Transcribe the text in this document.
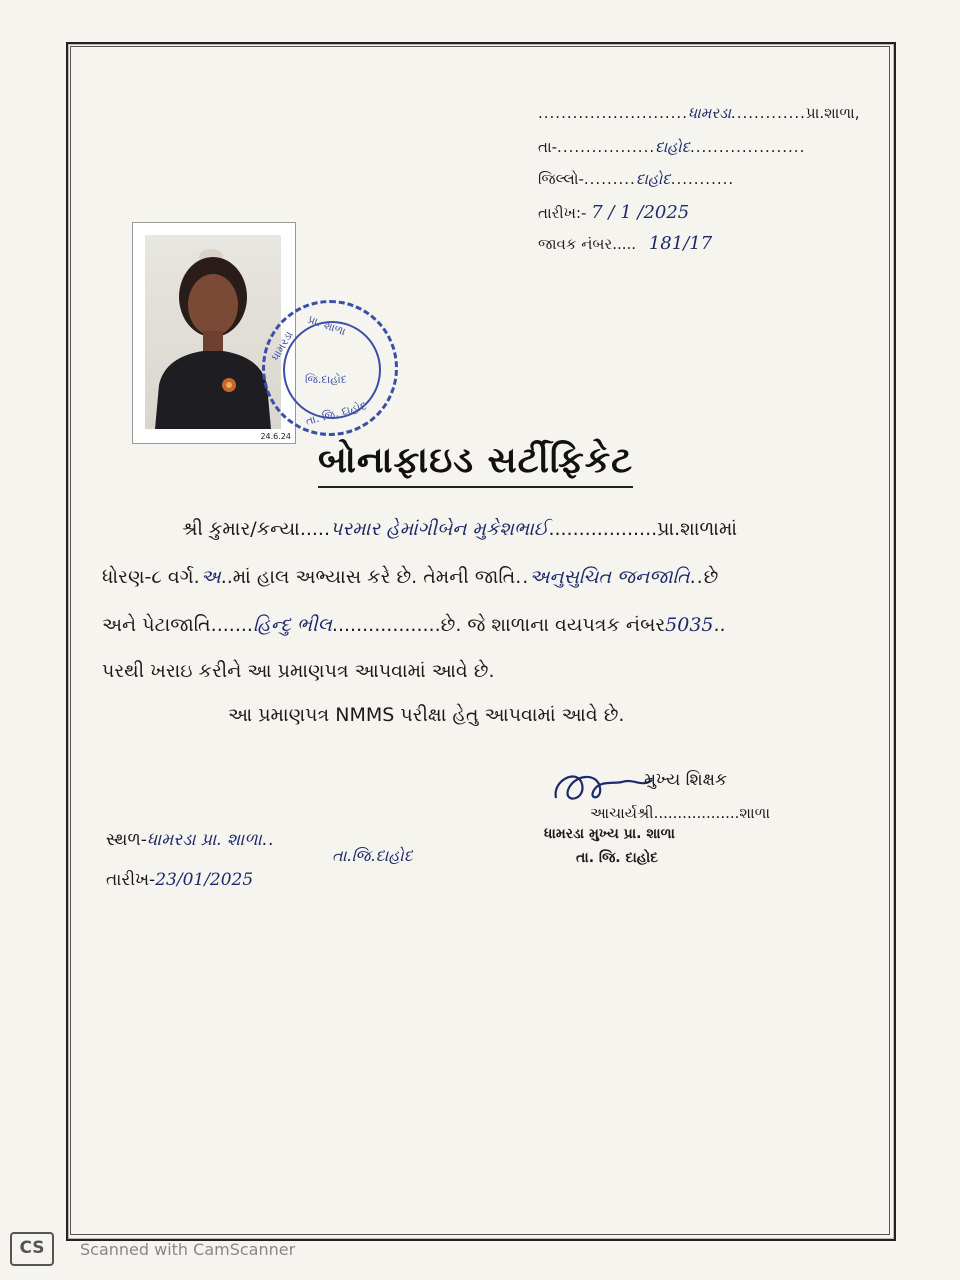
..........................ધામરડા.............પ્રા.શાળા,
તા-.................દાહોદ....................
જિલ્લો-.........દાહોદ...........
તારીખ:- 7 / 1 /2025
જાવક નંબર..... 181/17
24.6.24
પ્રા. શાળા
ધામરડા
જિ.દાહોદ
તા. જિ. દાહોદ
બોનાફાઇડ સર્ટીફિકેટ
શ્રી કુમાર/કન્યા.....પરમાર હેમાંગીબેન મુકેશભાઈ..................પ્રા.શાળામાં
ધોરણ-૮ વર્ગ.અ..માં હાલ અભ્યાસ કરે છે. તેમની જાતિ..અનુસુચિત જનજાતિ..છે
અને પેટાજાતિ.......હિન્દુ ભીલ..................છે. જે શાળાના વયપત્રક નંબર5035..
પરથી ખરાઇ કરીને આ પ્રમાણપત્ર આપવામાં આવે છે.
આ પ્રમાણપત્ર NMMS પરીક્ષા હેતુ આપવામાં આવે છે.
મુખ્ય શિક્ષક
આચાર્યશ્રી..................શાળા
ધામરડા મુખ્ય પ્રા. શાળા
તા. જિ. દાહોદ
સ્થળ-ધામરડા પ્રા. શાળા..
તા.જિ.દાહોદ
તારીખ-23/01/2025
CS	Scanned with CamScanner
